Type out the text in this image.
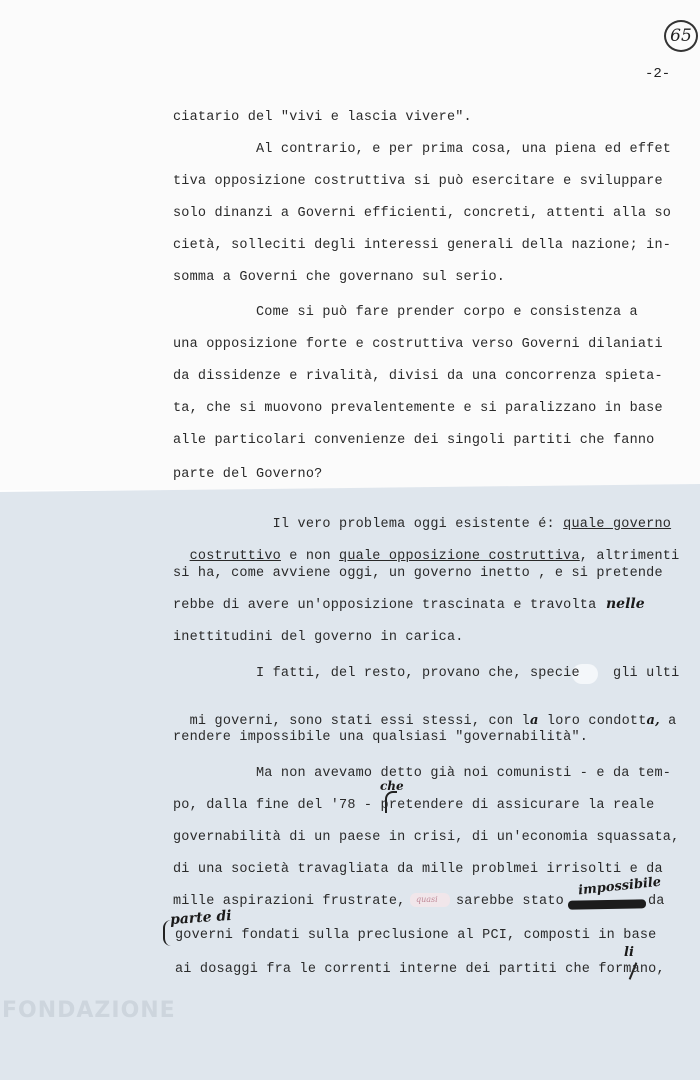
65
-2-
ciatario del "vivi e lascia vivere".
Al contrario, e per prima cosa, una piena ed effet
tiva opposizione costruttiva si può esercitare e sviluppare
solo dinanzi a Governi efficienti, concreti, attenti alla so
cietà, solleciti degli interessi generali della nazione; in-
somma a Governi che governano sul serio.
Come si può fare prender corpo e consistenza a
una opposizione forte e costruttiva verso Governi dilaniati
da dissidenze e rivalità, divisi da una concorrenza spieta-
ta, che si muovono prevalentemente e si paralizzano in base
alle particolari convenienze dei singoli partiti che fanno
parte del Governo?

Il vero problema oggi esistente é: quale governo

costruttivo e non quale opposizione costruttiva, altrimenti

si ha, come avviene oggi, un governo inetto , e si pretende
rebbe di avere un'opposizione trascinata e travolta nelle
inettitudini del governo in carica.
I fatti, del resto, provano che, specie    gli ulti

mi governi, sono stati essi stessi, con la loro condotta, a

rendere impossibile una qualsiasi "governabilità".
Ma non avevamo detto già noi comunisti - e da tem-
che
po, dalla fine del '78 - pretendere di assicurare la reale
governabilità di un paese in crisi, di un'economia squassata,
di una società travagliata da mille problmei irrisolti e da
quasi
mille aspirazioni frustrate,	sarebbe stato	da
impossibile
parte di
governi fondati sulla preclusione al PCI, composti in base
li
ai dosaggi fra le correnti interne dei partiti che formano,
FONDAZIONE
